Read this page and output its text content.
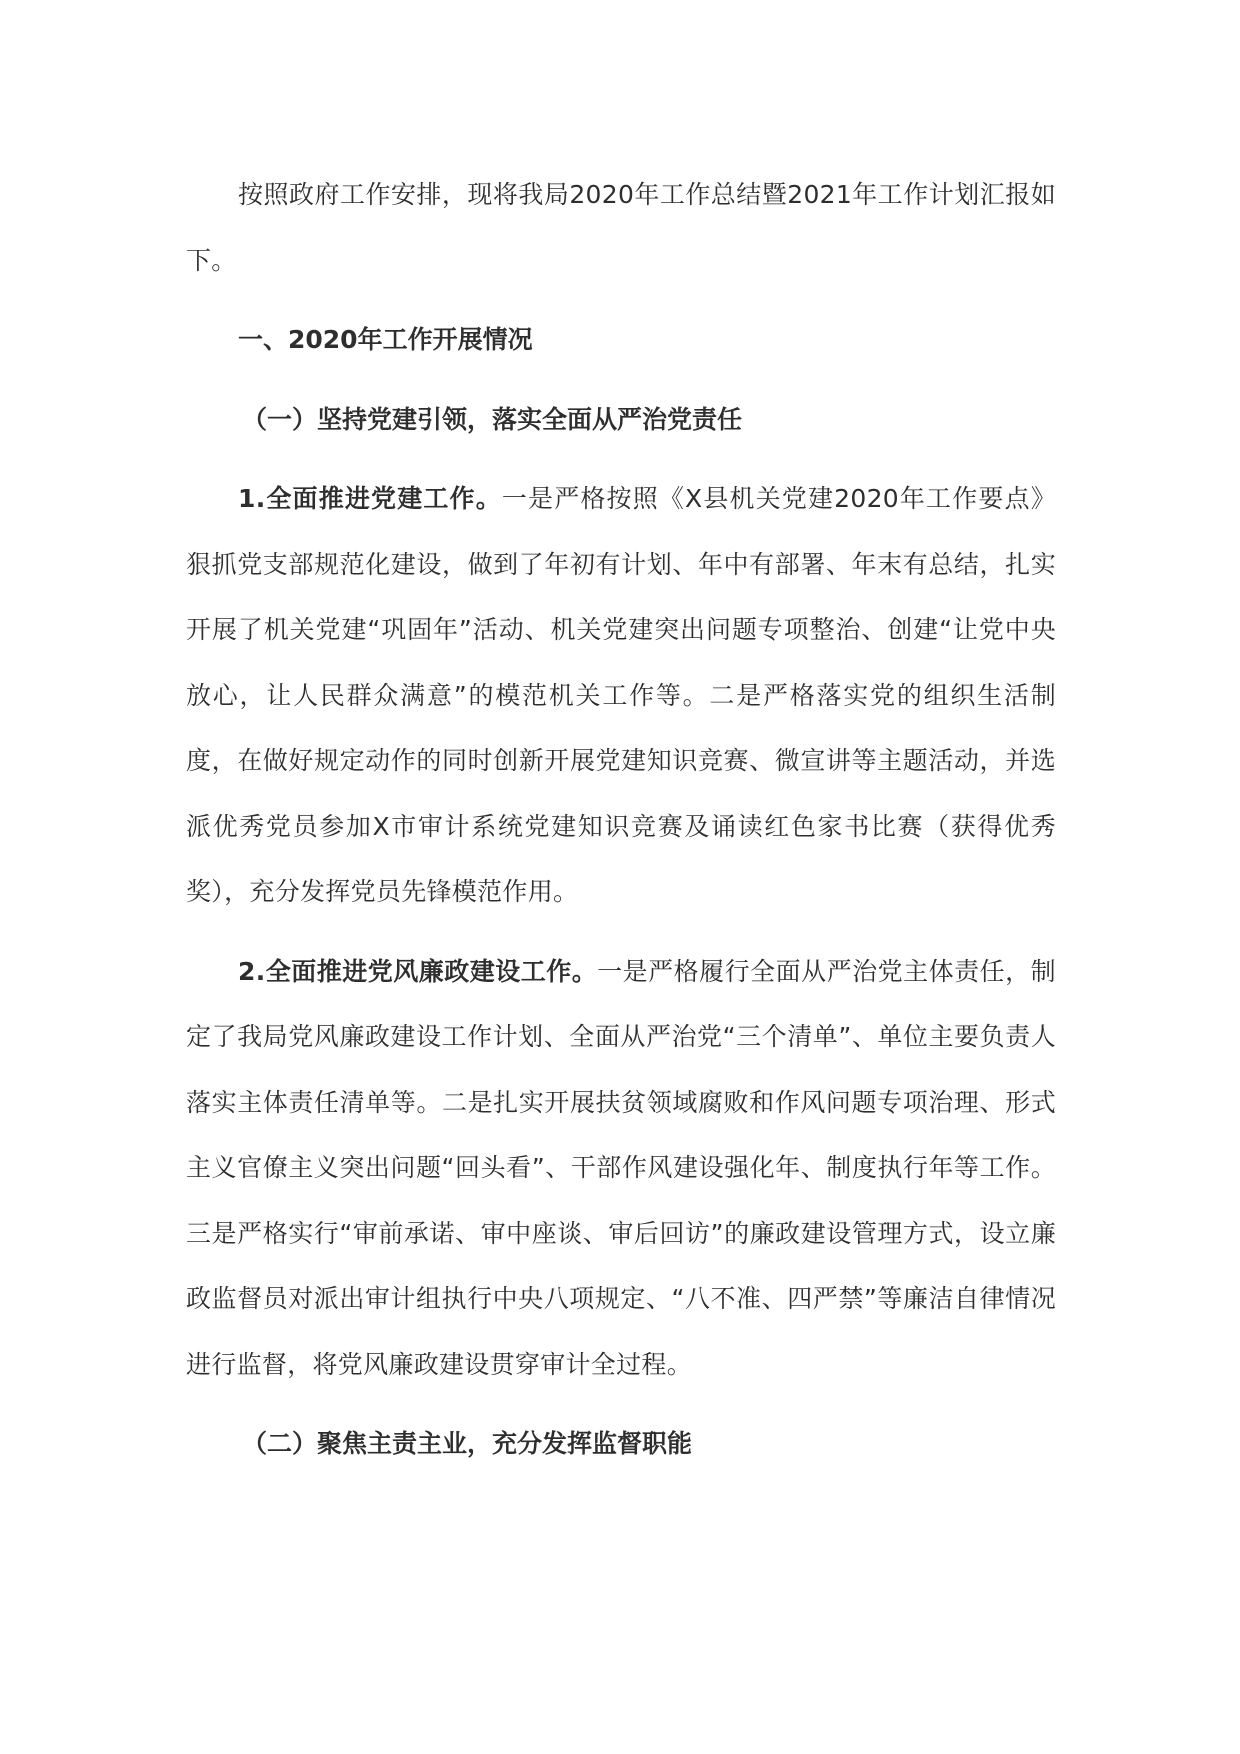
按照政府工作安排，现将我局2020年工作总结暨2021年工作计划汇报如下。

一、2020年工作开展情况

（一）坚持党建引领，落实全面从严治党责任

1.全面推进党建工作。一是严格按照《X县机关党建2020年工作要点》狠抓党支部规范化建设，做到了年初有计划、年中有部署、年末有总结，扎实开展了机关党建“巩固年”活动、机关党建突出问题专项整治、创建“让党中央放心，让人民群众满意”的模范机关工作等。二是严格落实党的组织生活制度，在做好规定动作的同时创新开展党建知识竞赛、微宣讲等主题活动，并选派优秀党员参加X市审计系统党建知识竞赛及诵读红色家书比赛（获得优秀奖），充分发挥党员先锋模范作用。

2.全面推进党风廉政建设工作。一是严格履行全面从严治党主体责任，制定了我局党风廉政建设工作计划、全面从严治党“三个清单”、单位主要负责人落实主体责任清单等。二是扎实开展扶贫领域腐败和作风问题专项治理、形式主义官僚主义突出问题“回头看”、干部作风建设强化年、制度执行年等工作。三是严格实行“审前承诺、审中座谈、审后回访”的廉政建设管理方式，设立廉政监督员对派出审计组执行中央八项规定、“八不准、四严禁”等廉洁自律情况进行监督，将党风廉政建设贯穿审计全过程。

（二）聚焦主责主业，充分发挥监督职能
